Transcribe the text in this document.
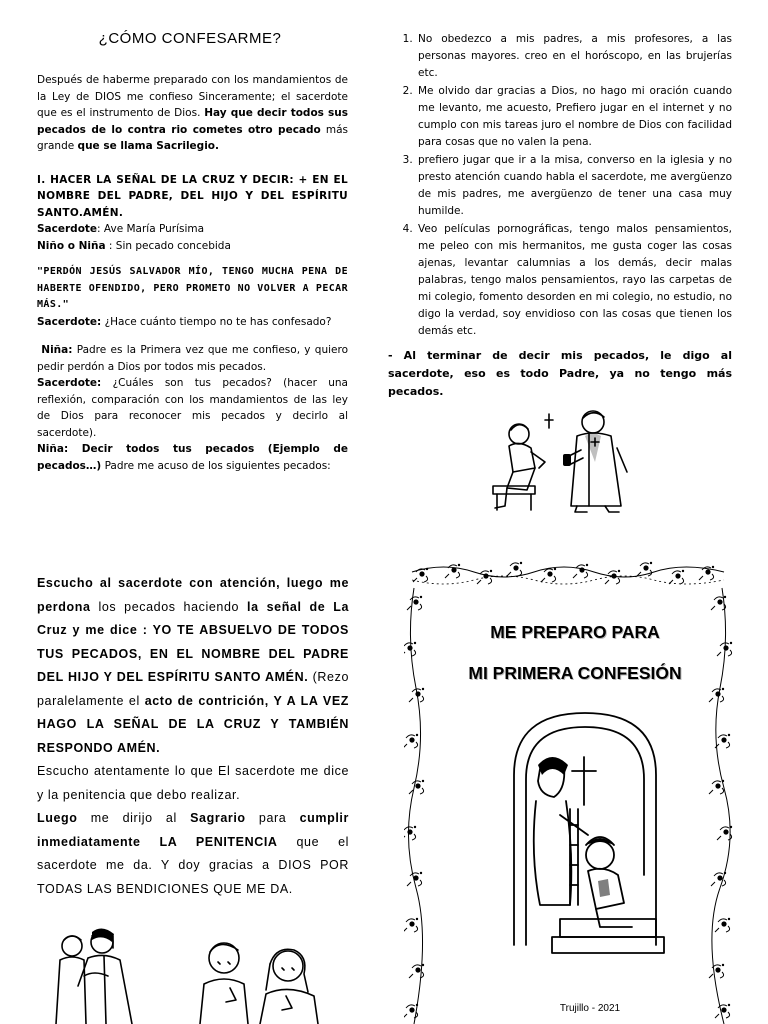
¿CÓMO CONFESARME?

Después de haberme preparado con los mandamientos de la Ley de DIOS me confieso Sinceramente; el sacerdote que es el instrumento de Dios. Hay que decir todos sus pecados de lo contra rio cometes otro pecado más grande que se llama Sacrilegio.

I. HACER LA SEÑAL DE LA CRUZ Y DECIR: + EN EL NOMBRE DEL PADRE, DEL HIJO Y DEL ESPÍRITU SANTO.AMÉN.

Sacerdote: Ave María Purísima

Niño o Niña : Sin pecado concebida

"PERDÓN JESÚS SALVADOR MÍO, TENGO MUCHA PENA DE HABERTE OFENDIDO, PERO PROMETO NO VOLVER A PECAR MÁS."

Sacerdote: ¿Hace cuánto tiempo no te has confesado?

Niña: Padre es la Primera vez que me confieso, y quiero pedir perdón a Dios por todos mis pecados.

Sacerdote: ¿Cuáles son tus pecados? (hacer una reflexión, comparación con los mandamientos de las ley de Dios para reconocer mis pecados y decirlo al sacerdote).

Niña: Decir todos tus pecados (Ejemplo de pecados…) Padre me acuso de los siguientes pecados:

1. No obedezco a mis padres, a mis profesores, a las personas mayores. creo en el horóscopo, en las brujerías etc.
2. Me olvido dar gracias a Dios, no hago mi oración cuando me levanto, me acuesto, Prefiero jugar en el internet y no cumplo con mis tareas juro el nombre de Dios con facilidad para cosas que no valen la pena.
3. prefiero jugar que ir a la misa, converso en la iglesia y no presto atención cuando habla el sacerdote, me avergüenzo de mis padres, me avergüenzo de tener una casa muy humilde.
4. Veo películas pornográficas, tengo malos pensamientos, me peleo con mis hermanitos, me gusta coger las cosas ajenas, levantar calumnias a los demás, decir malas palabras, tengo malos pensamientos, rayo las carpetas de mi colegio, fomento desorden en mi colegio, no estudio, no digo la verdad, soy envidioso con las cosas que tienen los demás etc.

- Al terminar de decir mis pecados, le digo al sacerdote, eso es todo Padre, ya no tengo más pecados.

Escucho al sacerdote con atención, luego me perdona los pecados haciendo la señal de La Cruz y me dice : YO TE ABSUELVO DE TODOS TUS PECADOS, EN EL NOMBRE DEL PADRE DEL HIJO Y DEL ESPÍRITU SANTO AMÉN. (Rezo paralelamente el acto de contrición, Y A LA VEZ HAGO LA SEÑAL DE LA CRUZ Y TAMBIÉN RESPONDO AMÉN.

Escucho atentamente lo que El sacerdote me dice y la penitencia que debo realizar.

Luego me dirijo al Sagrario para cumplir inmediatamente LA PENITENCIA que el sacerdote me da. Y doy gracias a DIOS POR TODAS LAS BENDICIONES QUE ME DA.

ME PREPARO PARA
MI PRIMERA CONFESIÓN
Trujillo - 2021
